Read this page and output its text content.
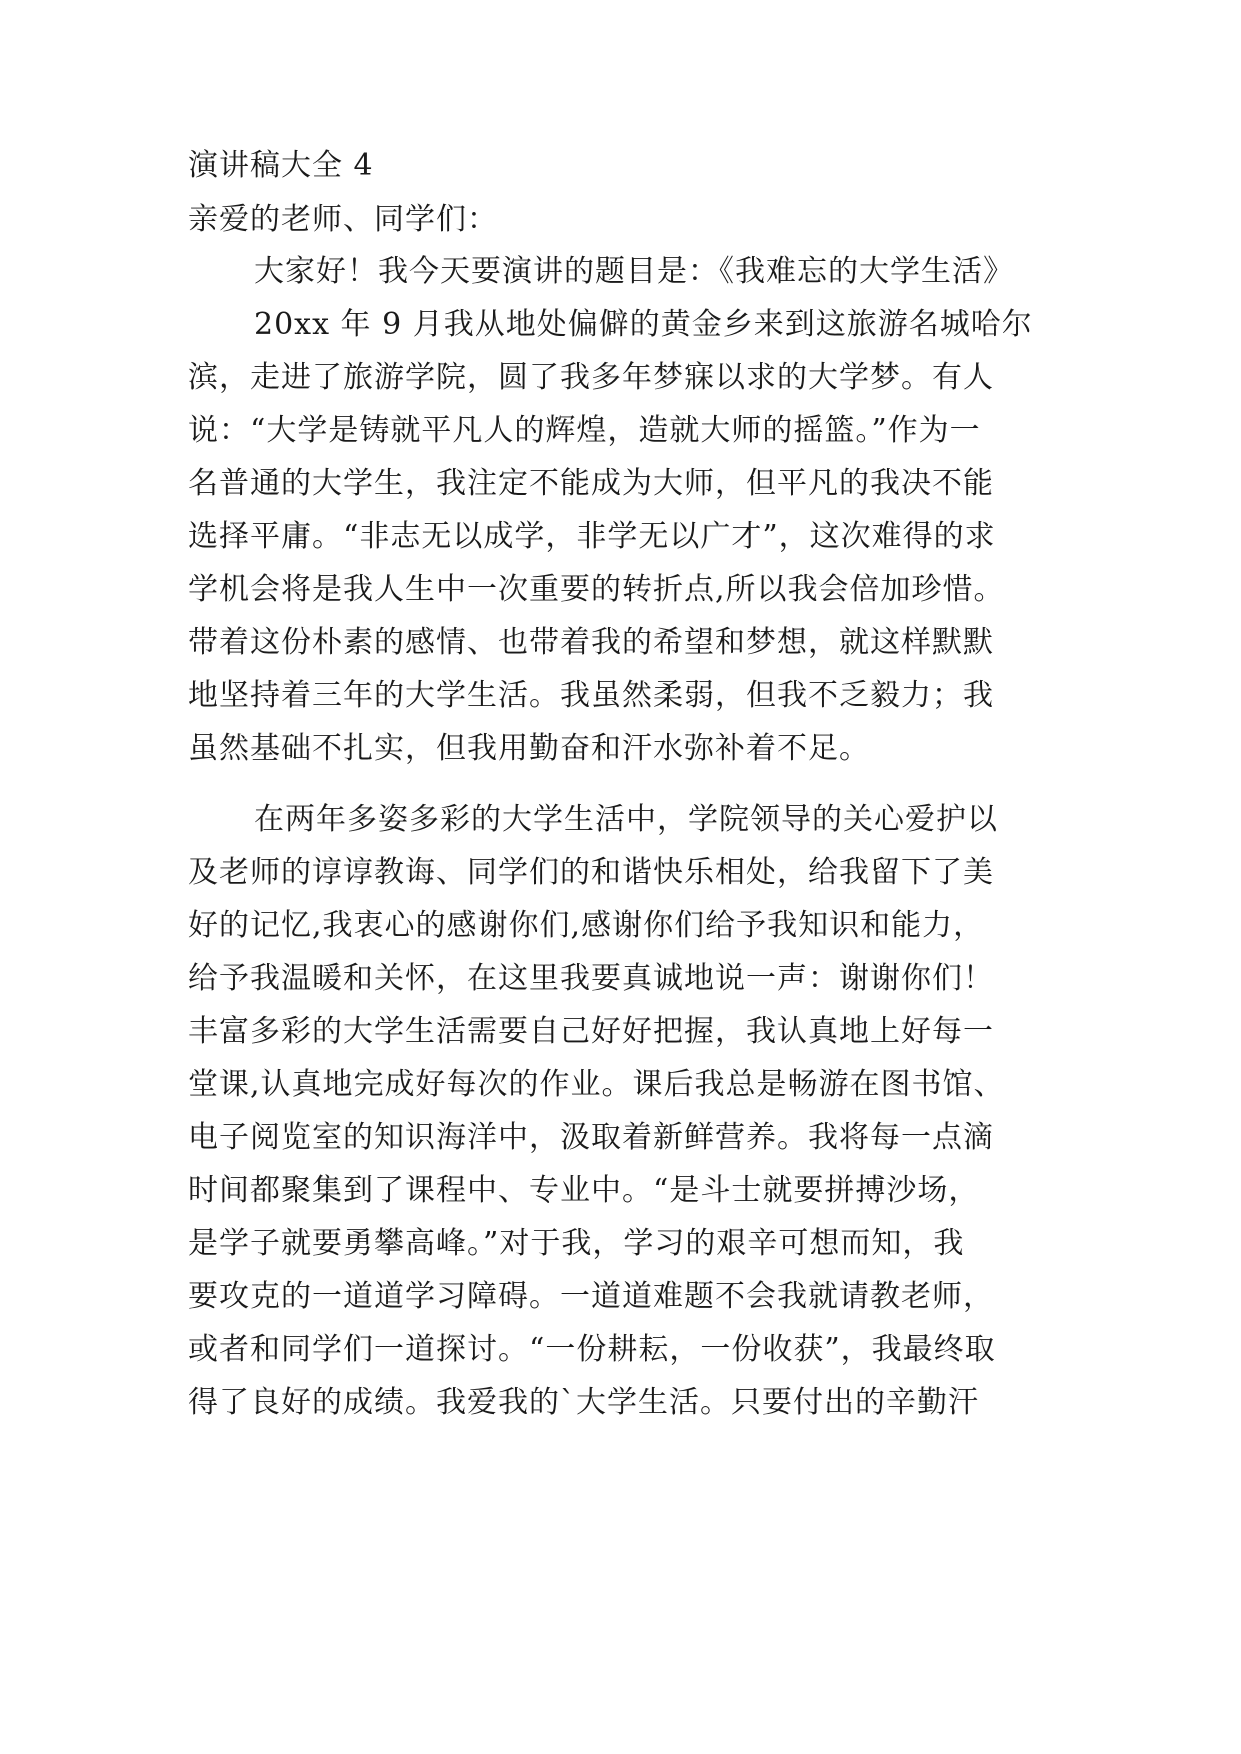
演讲稿大全 4
亲爱的老师、同学们：
大家好！我今天要演讲的题目是：《我难忘的大学生活》
20xx 年 9 月我从地处偏僻的黄金乡来到这旅游名城哈尔
滨，走进了旅游学院，圆了我多年梦寐以求的大学梦。有人
说：“大学是铸就平凡人的辉煌，造就大师的摇篮。”作为一
名普通的大学生，我注定不能成为大师，但平凡的我决不能
选择平庸。“非志无以成学，非学无以广才”，这次难得的求
学机会将是我人生中一次重要的转折点,所以我会倍加珍惜。
带着这份朴素的感情、也带着我的希望和梦想，就这样默默
地坚持着三年的大学生活。我虽然柔弱，但我不乏毅力；我
虽然基础不扎实，但我用勤奋和汗水弥补着不足。
在两年多姿多彩的大学生活中，学院领导的关心爱护以
及老师的谆谆教诲、同学们的和谐快乐相处，给我留下了美
好的记忆,我衷心的感谢你们,感谢你们给予我知识和能力，
给予我温暖和关怀，在这里我要真诚地说一声：谢谢你们！
丰富多彩的大学生活需要自己好好把握，我认真地上好每一
堂课,认真地完成好每次的作业。课后我总是畅游在图书馆、
电子阅览室的知识海洋中，汲取着新鲜营养。我将每一点滴
时间都聚集到了课程中、专业中。“是斗士就要拼搏沙场，
是学子就要勇攀高峰。”对于我，学习的艰辛可想而知，我
要攻克的一道道学习障碍。一道道难题不会我就请教老师，
或者和同学们一道探讨。“一份耕耘，一份收获”，我最终取
得了良好的成绩。我爱我的`大学生活。只要付出的辛勤汗
